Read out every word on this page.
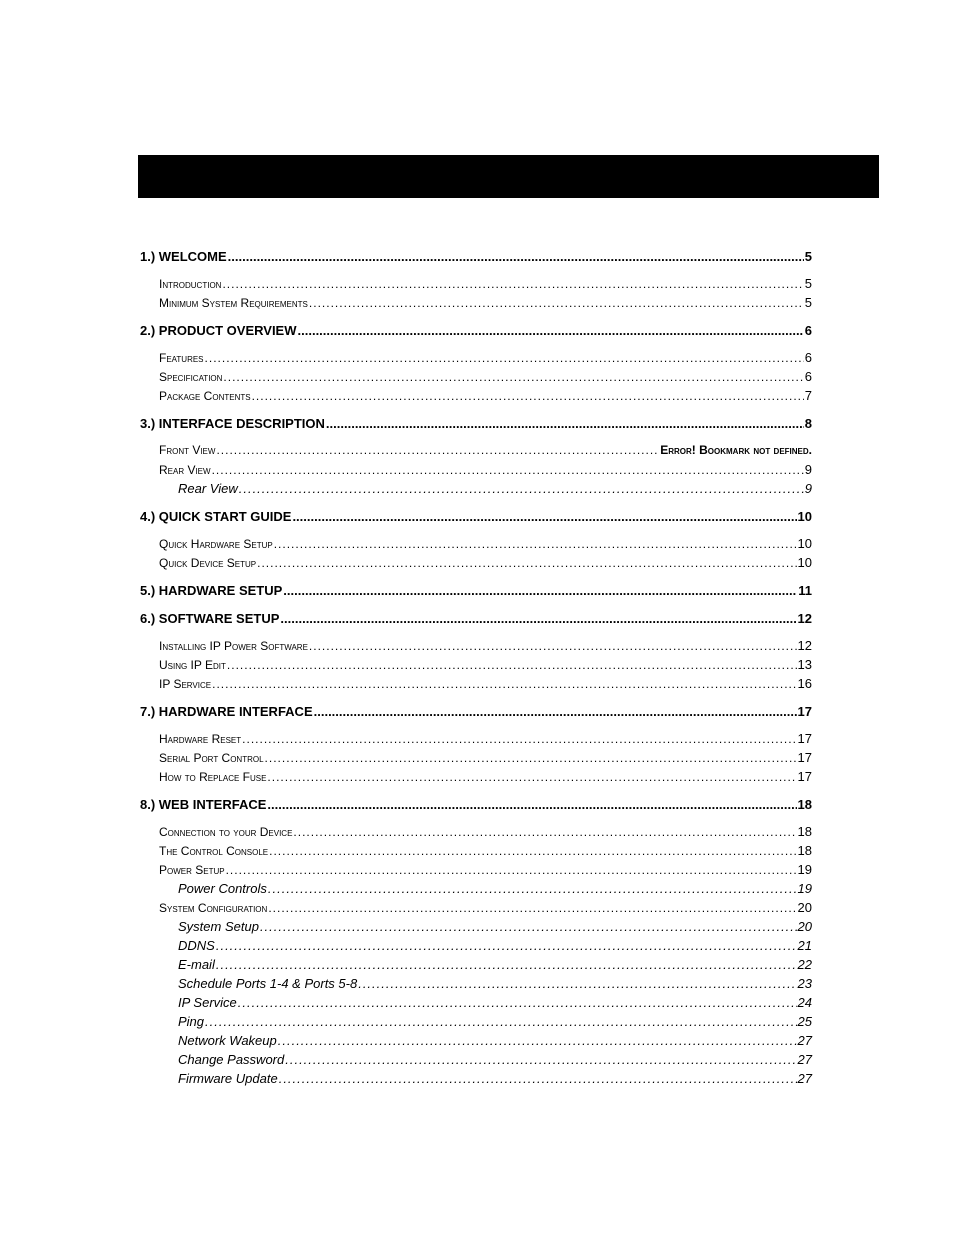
1.) WELCOME .....	5
Introduction .....	5
Minimum System Requirements .....	5
2.) PRODUCT OVERVIEW .....	6
Features .....	6
Specification .....	6
Package Contents .....	7
3.) INTERFACE DESCRIPTION .....	8
Front View .....	Error! Bookmark not defined.
Rear View .....	9
Rear View .....	9
4.) QUICK START GUIDE .....	10
Quick Hardware Setup .....	10
Quick Device Setup .....	10
5.) HARDWARE SETUP .....	11
6.) SOFTWARE SETUP .....	12
Installing IP Power Software .....	12
Using IP Edit .....	13
IP Service .....	16
7.) HARDWARE INTERFACE .....	17
Hardware Reset .....	17
Serial Port Control .....	17
How to Replace Fuse .....	17
8.) WEB INTERFACE .....	18
Connection to your Device .....	18
The Control Console .....	18
Power Setup .....	19
Power Controls .....	19
System Configuration .....	20
System Setup .....	20
DDNS .....	21
E-mail .....	22
Schedule Ports 1-4 & Ports 5-8 .....	23
IP Service .....	24
Ping .....	25
Network Wakeup .....	27
Change Password .....	27
Firmware Update .....	27
